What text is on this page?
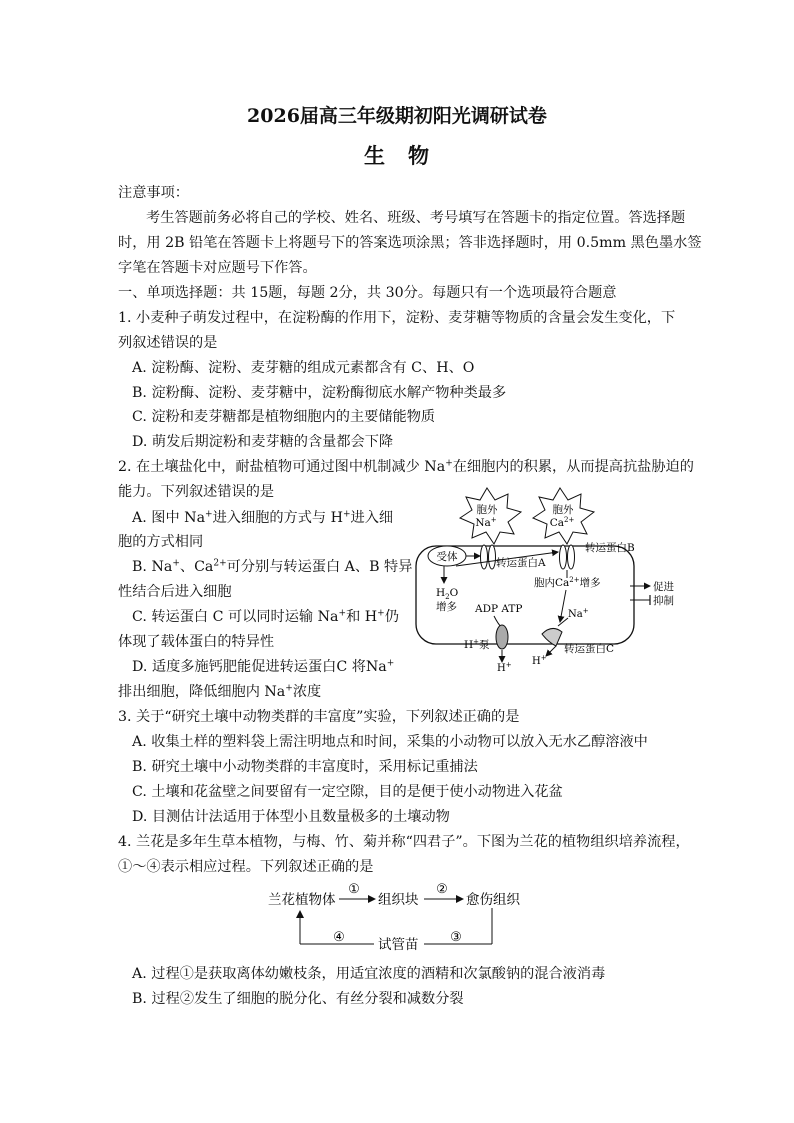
2026届高三年级期初阳光调研试卷
生　物
注意事项：
考生答题前务必将自己的学校、姓名、班级、考号填写在答题卡的指定位置。答选择题
时，用 2B 铅笔在答题卡上将题号下的答案选项涂黑；答非选择题时，用 0.5mm 黑色墨水签
字笔在答题卡对应题号下作答。
一、单项选择题：共 15题，每题 2分，共 30分。每题只有一个选项最符合题意
1. 小麦种子萌发过程中，在淀粉酶的作用下，淀粉、麦芽糖等物质的含量会发生变化，下
列叙述错误的是
A. 淀粉酶、淀粉、麦芽糖的组成元素都含有 C、H、O
B. 淀粉酶、淀粉、麦芽糖中，淀粉酶彻底水解产物种类最多
C. 淀粉和麦芽糖都是植物细胞内的主要储能物质
D. 萌发后期淀粉和麦芽糖的含量都会下降
2. 在土壤盐化中，耐盐植物可通过图中机制减少 Na+在细胞内的积累，从而提高抗盐胁迫的
能力。下列叙述错误的是
A. 图中 Na+进入细胞的方式与 H+进入细
胞的方式相同
B. Na+、$Ca^{2+}$可分别与转运蛋白 A、B 特异
性结合后进入细胞
C. 转运蛋白 C 可以同时运输 Na+和 H+仍
体现了载体蛋白的特异性
D. 适度多施钙肥能促进转运蛋白C 将Na+
排出细胞，降低细胞内 Na+浓度
胞外
Na+
胞外
$Ca^{2+}$
受体	转运蛋白A
转运蛋白B
$H_2O$
增多
胞内$Ca^{2+}$增多
ADP ATP
H+泵
H+
Na+
H+
转运蛋白C
促进
抑制
3. 关于“研究土壤中动物类群的丰富度”实验，下列叙述正确的是
A. 收集土样的塑料袋上需注明地点和时间，采集的小动物可以放入无水乙醇溶液中
B. 研究土壤中小动物类群的丰富度时，采用标记重捕法
C. 土壤和花盆壁之间要留有一定空隙，目的是便于使小动物进入花盆
D. 目测估计法适用于体型小且数量极多的土壤动物
4. 兰花是多年生草本植物，与梅、竹、菊并称“四君子”。下图为兰花的植物组织培养流程，
①～④表示相应过程。下列叙述正确的是
兰花植物体
①
组织块
②
愈伤组织
试管苗 ③
④
A. 过程①是获取离体幼嫩枝条，用适宜浓度的酒精和次氯酸钠的混合液消毒
B. 过程②发生了细胞的脱分化、有丝分裂和减数分裂
